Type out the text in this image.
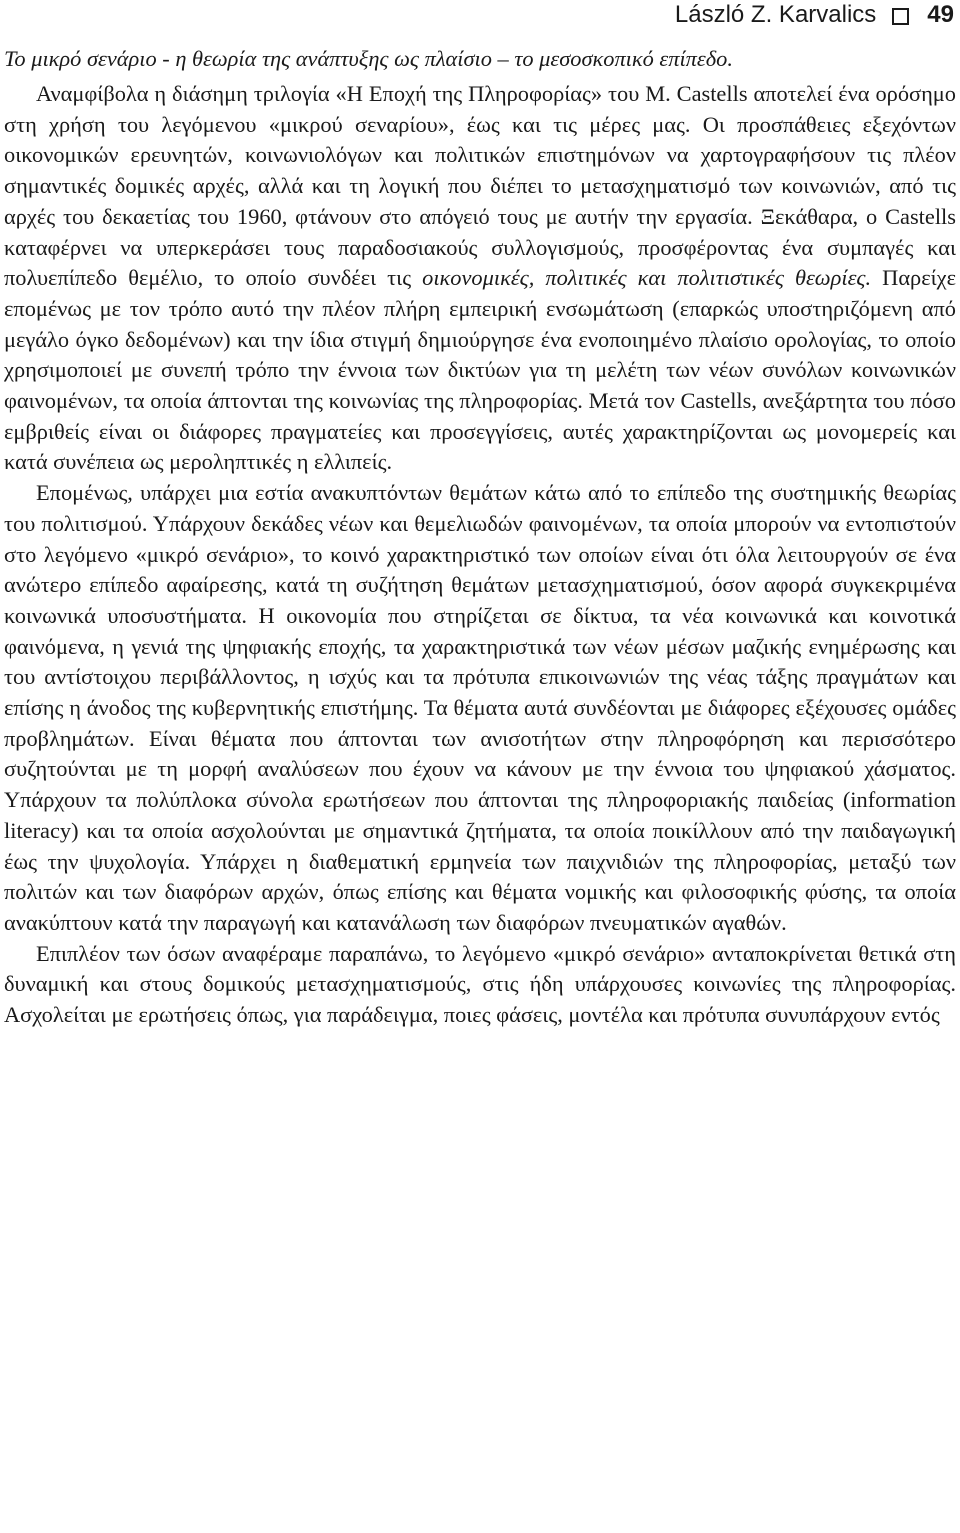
László Z. Karvalics 49
Το μικρό σενάριο - η θεωρία της ανάπτυξης ως πλαίσιο – το μεσοσκοπικό επίπεδο.

Αναμφίβολα η διάσημη τριλογία «Η Εποχή της Πληροφορίας» του M. Castells αποτελεί ένα ορόσημο στη χρήση του λεγόμενου «μικρού σεναρίου», έως και τις μέρες μας. Οι προσπάθειες εξεχόντων οικονομικών ερευνητών, κοινωνιολόγων και πολιτικών επιστημόνων να χαρτογραφήσουν τις πλέον σημαντικές δομικές αρχές, αλλά και τη λογική που διέπει το μετασχηματισμό των κοινωνιών, από τις αρχές του δεκαετίας του 1960, φτάνουν στο απόγειό τους με αυτήν την εργασία. Ξεκάθαρα, ο Castells καταφέρνει να υπερκεράσει τους παραδοσιακούς συλλογισμούς, προσφέροντας ένα συμπαγές και πολυεπίπεδο θεμέλιο, το οποίο συνδέει τις οικονομικές, πολιτικές και πολιτιστικές θεωρίες. Παρείχε επομένως με τον τρόπο αυτό την πλέον πλήρη εμπειρική ενσωμάτωση (επαρκώς υποστηριζόμενη από μεγάλο όγκο δεδομένων) και την ίδια στιγμή δημιούργησε ένα ενοποιημένο πλαίσιο ορολογίας, το οποίο χρησιμοποιεί με συνεπή τρόπο την έννοια των δικτύων για τη μελέτη των νέων συνόλων κοινωνικών φαινομένων, τα οποία άπτονται της κοινωνίας της πληροφορίας. Μετά τον Castells, ανεξάρτητα του πόσο εμβριθείς είναι οι διάφορες πραγματείες και προσεγγίσεις, αυτές χαρακτηρίζονται ως μονομερείς και κατά συνέπεια ως μεροληπτικές η ελλιπείς.

Επομένως, υπάρχει μια εστία ανακυπτόντων θεμάτων κάτω από το επίπεδο της συστημικής θεωρίας του πολιτισμού. Υπάρχουν δεκάδες νέων και θεμελιωδών φαινομένων, τα οποία μπορούν να εντοπιστούν στο λεγόμενο «μικρό σενάριο», το κοινό χαρακτηριστικό των οποίων είναι ότι όλα λειτουργούν σε ένα ανώτερο επίπεδο αφαίρεσης, κατά τη συζήτηση θεμάτων μετασχηματισμού, όσον αφορά συγκεκριμένα κοινωνικά υποσυστήματα. Η οικονομία που στηρίζεται σε δίκτυα, τα νέα κοινωνικά και κοινοτικά φαινόμενα, η γενιά της ψηφιακής εποχής, τα χαρακτηριστικά των νέων μέσων μαζικής ενημέρωσης και του αντίστοιχου περιβάλλοντος, η ισχύς και τα πρότυπα επικοινωνιών της νέας τάξης πραγμάτων και επίσης η άνοδος της κυβερνητικής επιστήμης. Τα θέματα αυτά συνδέονται με διάφορες εξέχουσες ομάδες προβλημάτων. Είναι θέματα που άπτονται των ανισοτήτων στην πληροφόρηση και περισσότερο συζητούνται με τη μορφή αναλύσεων που έχουν να κάνουν με την έννοια του ψηφιακού χάσματος. Υπάρχουν τα πολύπλοκα σύνολα ερωτήσεων που άπτονται της πληροφοριακής παιδείας (information literacy) και τα οποία ασχολούνται με σημαντικά ζητήματα, τα οποία ποικίλλουν από την παιδαγωγική έως την ψυχολογία. Υπάρχει η διαθεματική ερμηνεία των παιχνιδιών της πληροφορίας, μεταξύ των πολιτών και των διαφόρων αρχών, όπως επίσης και θέματα νομικής και φιλοσοφικής φύσης, τα οποία ανακύπτουν κατά την παραγωγή και κατανάλωση των διαφόρων πνευματικών αγαθών.

Επιπλέον των όσων αναφέραμε παραπάνω, το λεγόμενο «μικρό σενάριο» ανταποκρίνεται θετικά στη δυναμική και στους δομικούς μετασχηματισμούς, στις ήδη υπάρχουσες κοινωνίες της πληροφορίας. Ασχολείται με ερωτήσεις όπως, για παράδειγμα, ποιες φάσεις, μοντέλα και πρότυπα συνυπάρχουν εντός
